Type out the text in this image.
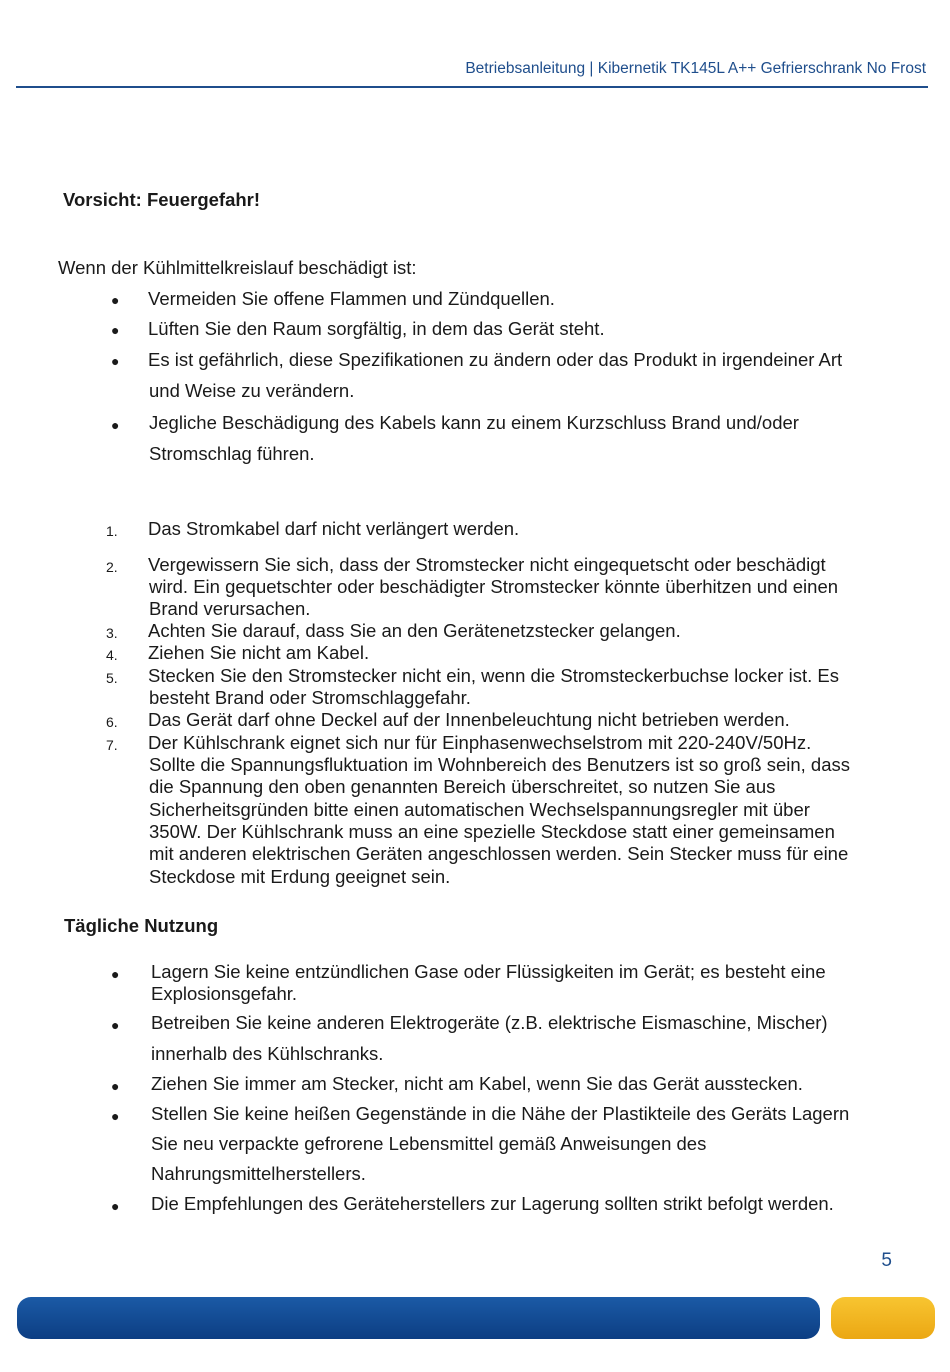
Betriebsanleitung | Kibernetik TK145L A++ Gefrierschrank No Frost
Vorsicht: Feuergefahr!
Wenn der Kühlmittelkreislauf beschädigt ist:
● Vermeiden Sie offene Flammen und Zündquellen.
● Lüften Sie den Raum sorgfältig, in dem das Gerät steht.
● Es ist gefährlich, diese Spezifikationen zu ändern oder das Produkt in irgendeiner Art
und Weise zu verändern.
● Jegliche Beschädigung des Kabels kann zu einem Kurzschluss Brand und/oder
Stromschlag führen.
1. Das Stromkabel darf nicht verlängert werden.
2. Vergewissern Sie sich, dass der Stromstecker nicht eingequetscht oder beschädigt
wird. Ein gequetschter oder beschädigter Stromstecker könnte überhitzen und einen
Brand verursachen.
3. Achten Sie darauf, dass Sie an den Gerätenetzstecker gelangen.
4. Ziehen Sie nicht am Kabel.
5. Stecken Sie den Stromstecker nicht ein, wenn die Stromsteckerbuchse locker ist. Es
besteht Brand oder Stromschlaggefahr.
6. Das Gerät darf ohne Deckel auf der Innenbeleuchtung nicht betrieben werden.
7. Der Kühlschrank eignet sich nur für Einphasenwechselstrom mit 220-240V/50Hz.
Sollte die Spannungsfluktuation im Wohnbereich des Benutzers ist so groß sein, dass
die Spannung den oben genannten Bereich überschreitet, so nutzen Sie aus
Sicherheitsgründen bitte einen automatischen Wechselspannungsregler mit über
350W. Der Kühlschrank muss an eine spezielle Steckdose statt einer gemeinsamen
mit anderen elektrischen Geräten angeschlossen werden. Sein Stecker muss für eine
Steckdose mit Erdung geeignet sein.
Tägliche Nutzung
● Lagern Sie keine entzündlichen Gase oder Flüssigkeiten im Gerät; es besteht eine
Explosionsgefahr.
● Betreiben Sie keine anderen Elektrogeräte (z.B. elektrische Eismaschine, Mischer)
innerhalb des Kühlschranks.
● Ziehen Sie immer am Stecker, nicht am Kabel, wenn Sie das Gerät ausstecken.
● Stellen Sie keine heißen Gegenstände in die Nähe der Plastikteile des Geräts Lagern
Sie neu verpackte gefrorene Lebensmittel gemäß Anweisungen des
Nahrungsmittelherstellers.
● Die Empfehlungen des Geräteherstellers zur Lagerung sollten strikt befolgt werden.
5
